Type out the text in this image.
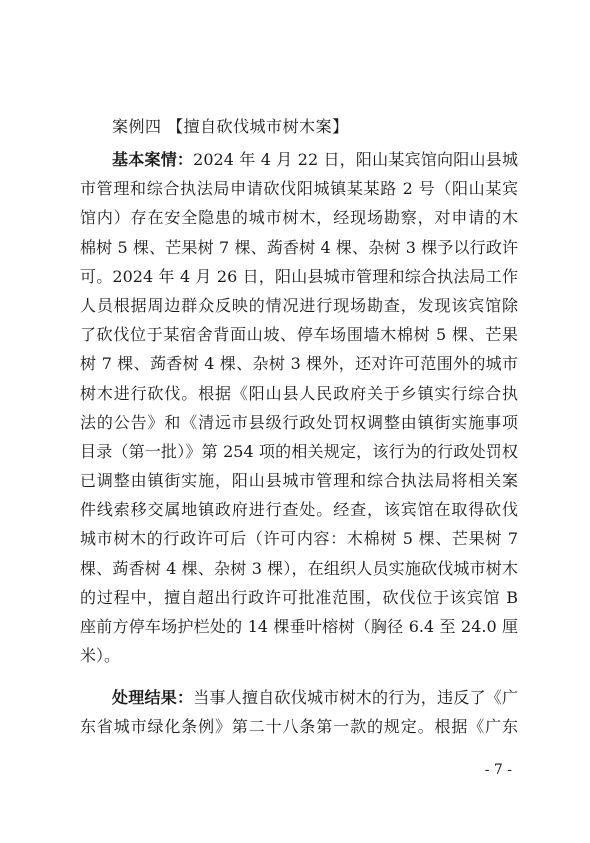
案例四 【擅自砍伐城市树木案】
基本案情：2024 年 4 月 22 日，阳山某宾馆向阳山县城
市管理和综合执法局申请砍伐阳城镇某某路 2 号（阳山某宾
馆内）存在安全隐患的城市树木，经现场勘察，对申请的木
棉树 5 棵、芒果树 7 棵、蒟香树 4 棵、杂树 3 棵予以行政许
可。2024 年 4 月 26 日，阳山县城市管理和综合执法局工作
人员根据周边群众反映的情况进行现场勘查，发现该宾馆除
了砍伐位于某宿舍背面山坡、停车场围墙木棉树 5 棵、芒果
树 7 棵、蒟香树 4 棵、杂树 3 棵外，还对许可范围外的城市
树木进行砍伐。根据《阳山县人民政府关于乡镇实行综合执
法的公告》和《清远市县级行政处罚权调整由镇街实施事项
目录（第一批）》第 254 项的相关规定，该行为的行政处罚权
已调整由镇街实施，阳山县城市管理和综合执法局将相关案
件线索移交属地镇政府进行查处。经查，该宾馆在取得砍伐
城市树木的行政许可后（许可内容：木棉树 5 棵、芒果树 7
棵、蒟香树 4 棵、杂树 3 棵），在组织人员实施砍伐城市树木
的过程中，擅自超出行政许可批准范围，砍伐位于该宾馆 B
座前方停车场护栏处的 14 棵垂叶榕树（胸径 6.4 至 24.0 厘
米）。
处理结果：当事人擅自砍伐城市树木的行为，违反了《广
东省城市绿化条例》第二十八条第一款的规定。根据《广东
- 7 -
